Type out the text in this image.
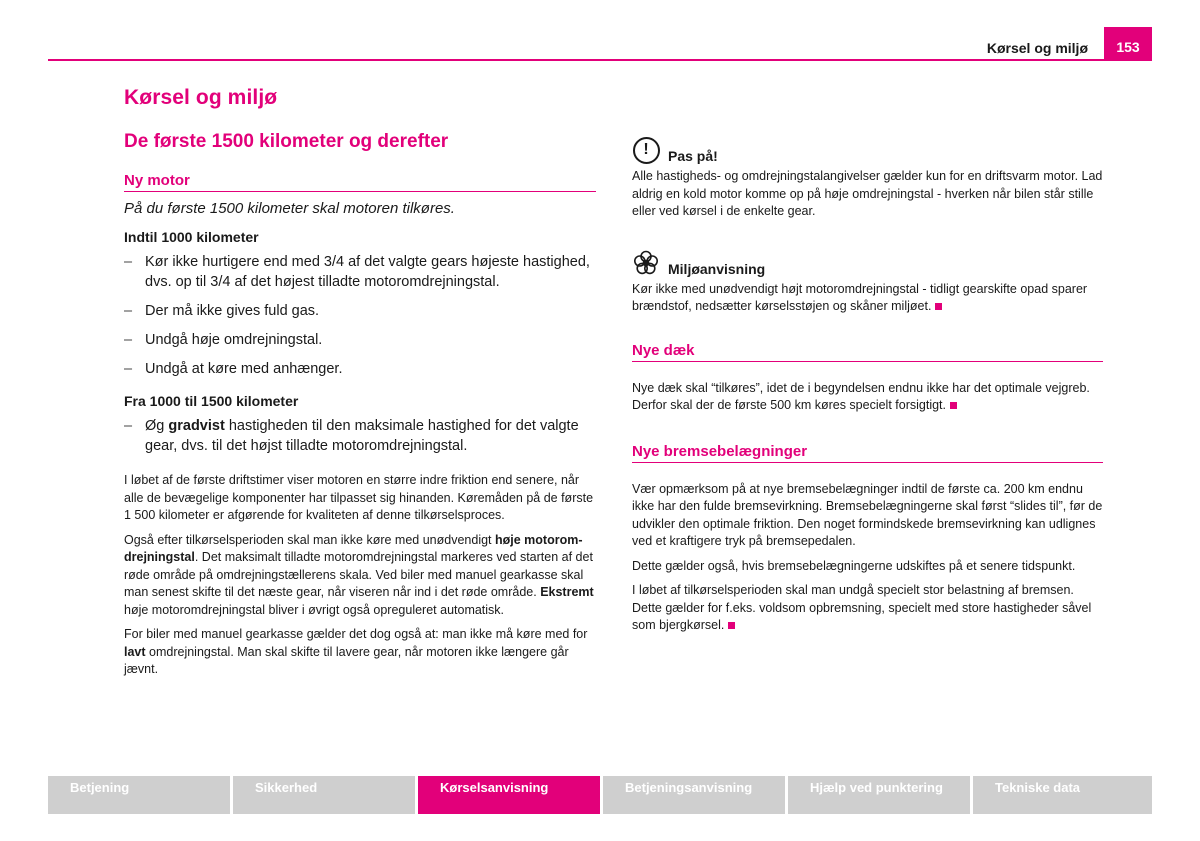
Kørsel og miljø	153
Kørsel og miljø
De første 1500 kilometer og derefter
Ny motor
På du første 1500 kilometer skal motoren tilkøres.
Indtil 1000 kilometer
– Kør ikke hurtigere end med 3/4 af det valgte gears højeste hastighed, dvs. op til 3/4 af det højest tilladte motoromdrejningstal.
– Der må ikke gives fuld gas.
– Undgå høje omdrejningstal.
– Undgå at køre med anhænger.
Fra 1000 til 1500 kilometer
– Øg gradvist hastigheden til den maksimale hastighed for det valgte gear, dvs. til det højst tilladte motoromdrejningstal.

I løbet af de første driftstimer viser motoren en større indre friktion end senere, når alle de bevægelige komponenter har tilpasset sig hinanden. Køremåden på de første 1 500 kilometer er afgørende for kvaliteten af denne tilkørselsproces.

Også efter tilkørselsperioden skal man ikke køre med unødvendigt høje motorom-drejningstal. Det maksimalt tilladte motoromdrejningstal markeres ved starten af det røde område på omdrejningstællerens skala. Ved biler med manuel gearkasse skal man senest skifte til det næste gear, når viseren når ind i det røde område. Ekstremt høje motoromdrejningstal bliver i øvrigt også opreguleret automatisk.

For biler med manuel gearkasse gælder det dog også at: man ikke må køre med for lavt omdrejningstal. Man skal skifte til lavere gear, når motoren ikke længere går jævnt.

!	Pas på!

Alle hastigheds- og omdrejningstalangivelser gælder kun for en driftsvarm motor. Lad aldrig en kold motor komme op på høje omdrejningstal - hverken når bilen står stille eller ved kørsel i de enkelte gear.

Miljøanvisning

Kør ikke med unødvendigt højt motoromdrejningstal - tidligt gearskifte opad sparer brændstof, nedsætter kørselsstøjen og skåner miljøet.

Nye dæk

Nye dæk skal “tilkøres”, idet de i begyndelsen endnu ikke har det optimale vejgreb. Derfor skal der de første 500 km køres specielt forsigtigt.

Nye bremsebelægninger

Vær opmærksom på at nye bremsebelægninger indtil de første ca. 200 km endnu ikke har den fulde bremsevirkning. Bremsebelægningerne skal først “slides til”, før de udvikler den optimale friktion. Den noget formindskede bremsevirkning kan udlignes ved et kraftigere tryk på bremsepedalen.

Dette gælder også, hvis bremsebelægningerne udskiftes på et senere tidspunkt.

I løbet af tilkørselsperioden skal man undgå specielt stor belastning af bremsen. Dette gælder for f.eks. voldsom opbremsning, specielt med store hastigheder såvel som bjergkørsel.

Betjening	Sikkerhed	Kørselsanvisning	Betjeningsanvisning	Hjælp ved punktering	Tekniske data
